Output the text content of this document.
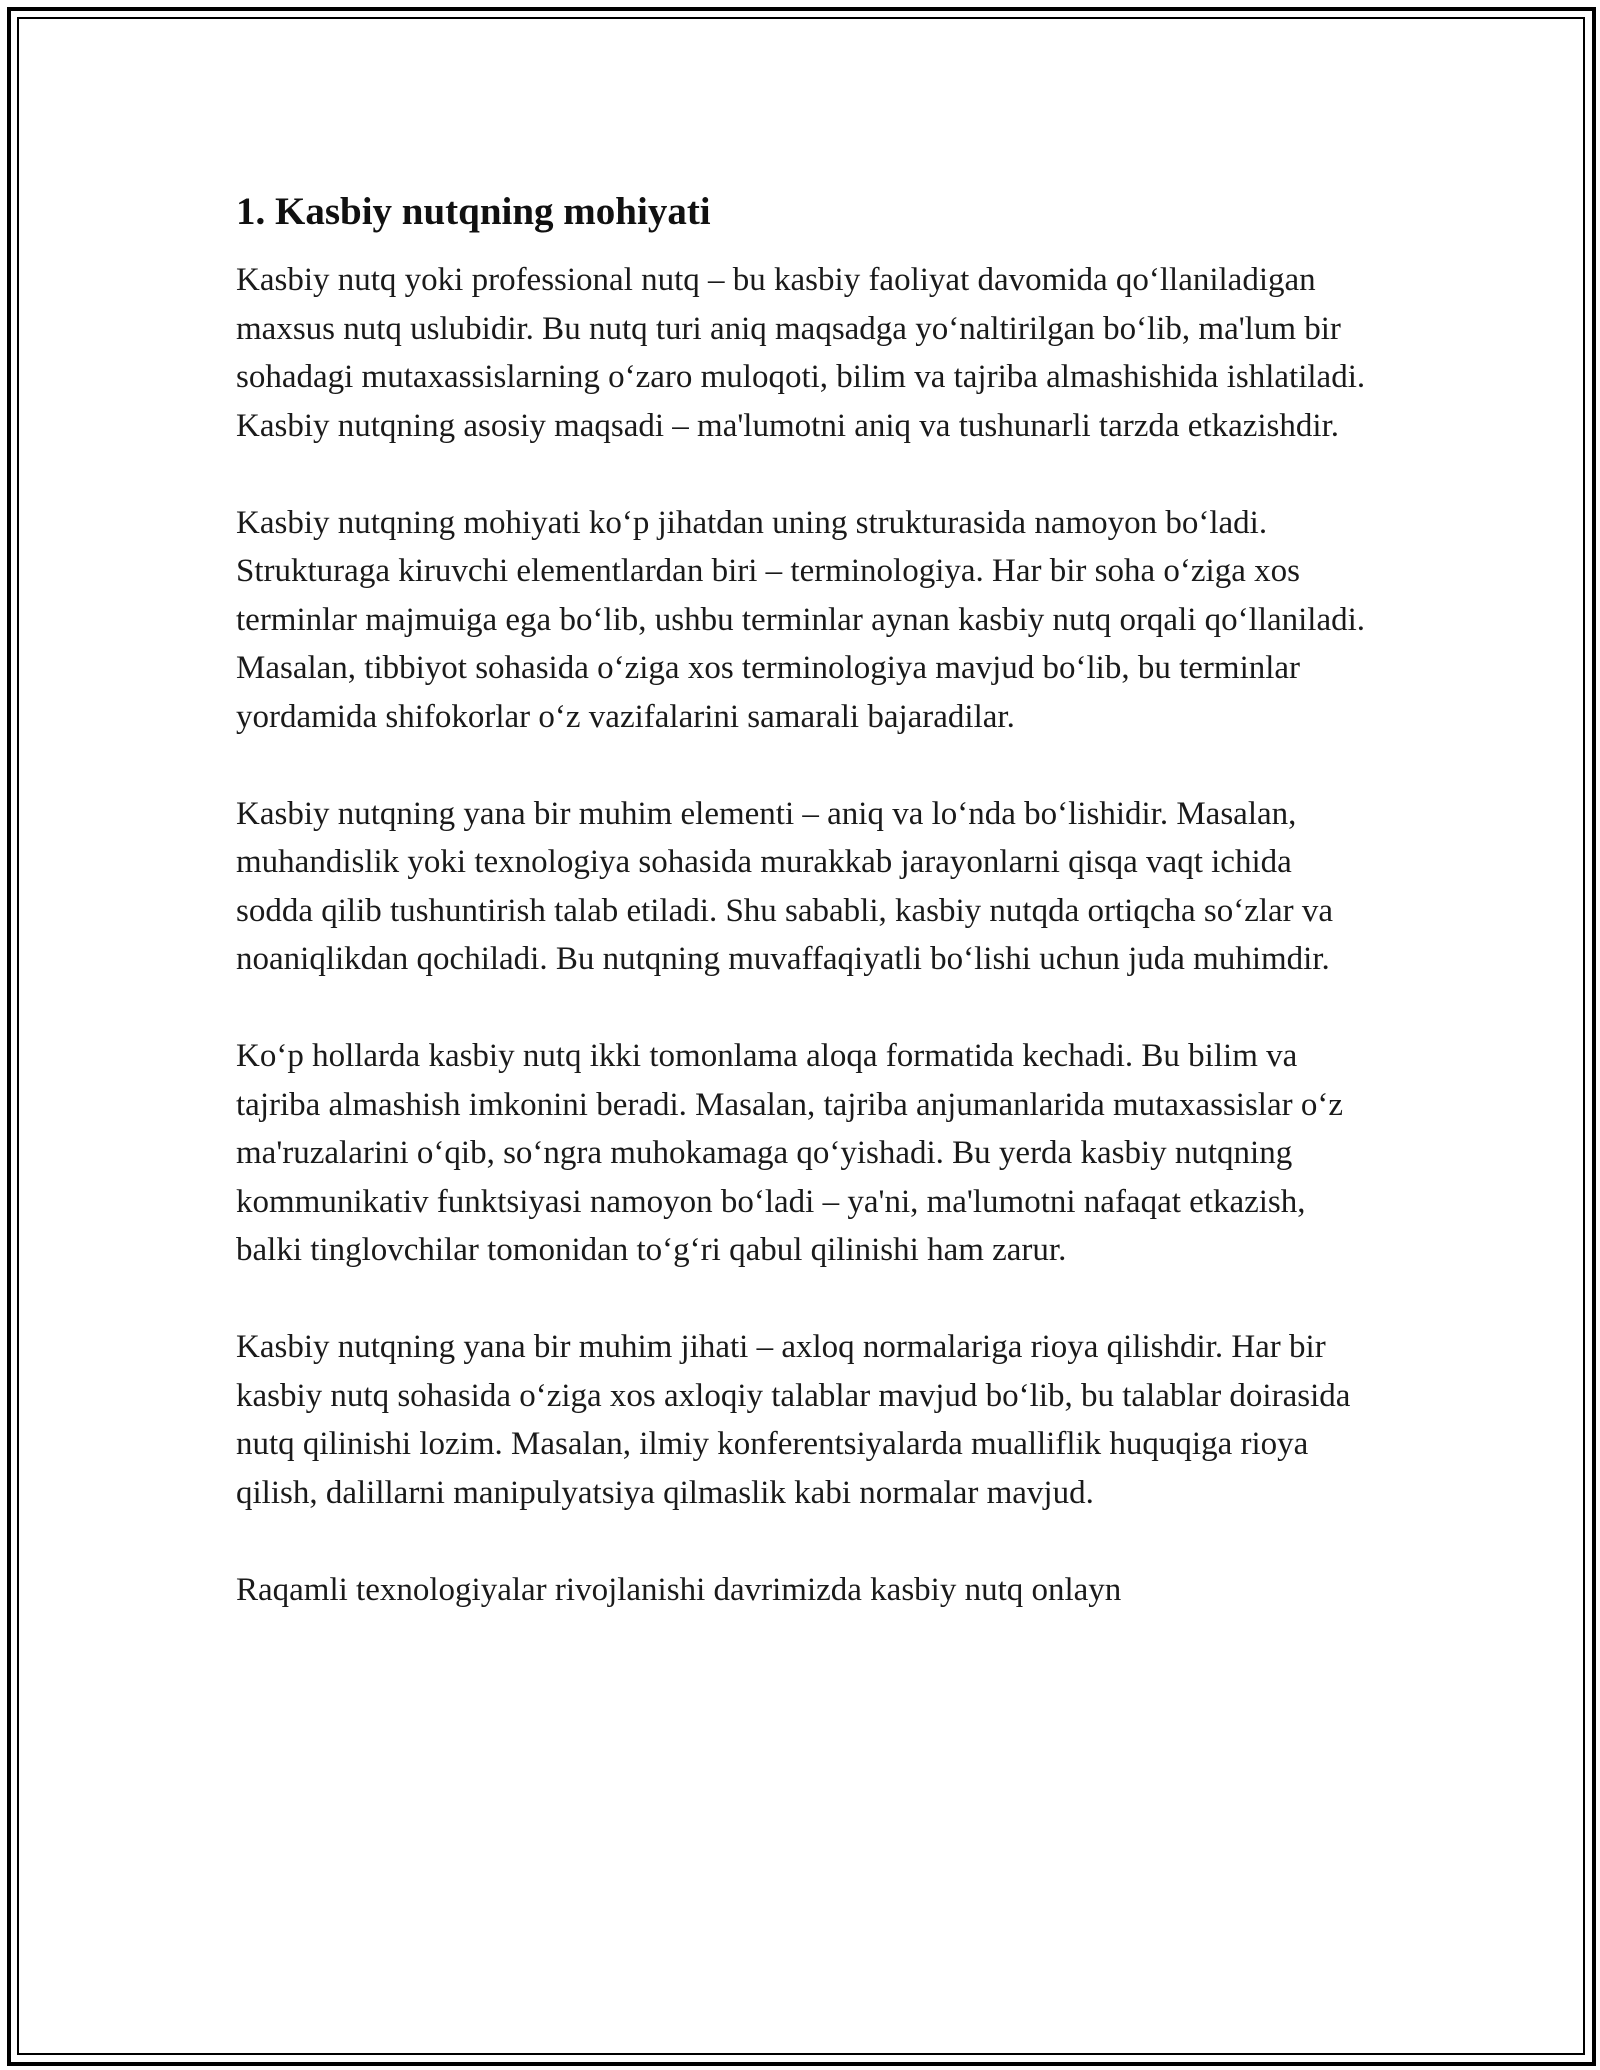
1. Kasbiy nutqning mohiyati

Kasbiy nutq yoki professional nutq – bu kasbiy faoliyat davomida qo‘llaniladigan maxsus nutq uslubidir. Bu nutq turi aniq maqsadga yo‘naltirilgan bo‘lib, ma'lum bir sohadagi mutaxassislarning o‘zaro muloqoti, bilim va tajriba almashishida ishlatiladi. Kasbiy nutqning asosiy maqsadi – ma'lumotni aniq va tushunarli tarzda etkazishdir.

Kasbiy nutqning mohiyati ko‘p jihatdan uning strukturasida namoyon bo‘ladi. Strukturaga kiruvchi elementlardan biri – terminologiya. Har bir soha o‘ziga xos terminlar majmuiga ega bo‘lib, ushbu terminlar aynan kasbiy nutq orqali qo‘llaniladi. Masalan, tibbiyot sohasida o‘ziga xos terminologiya mavjud bo‘lib, bu terminlar yordamida shifokorlar o‘z vazifalarini samarali bajaradilar.

Kasbiy nutqning yana bir muhim elementi – aniq va lo‘nda bo‘lishidir. Masalan, muhandislik yoki texnologiya sohasida murakkab jarayonlarni qisqa vaqt ichida sodda qilib tushuntirish talab etiladi. Shu sababli, kasbiy nutqda ortiqcha so‘zlar va noaniqlikdan qochiladi. Bu nutqning muvaffaqiyatli bo‘lishi uchun juda muhimdir.

Ko‘p hollarda kasbiy nutq ikki tomonlama aloqa formatida kechadi. Bu bilim va tajriba almashish imkonini beradi. Masalan, tajriba anjumanlarida mutaxassislar o‘z ma'ruzalarini o‘qib, so‘ngra muhokamaga qo‘yishadi. Bu yerda kasbiy nutqning kommunikativ funktsiyasi namoyon bo‘ladi – ya'ni, ma'lumotni nafaqat etkazish, balki tinglovchilar tomonidan to‘g‘ri qabul qilinishi ham zarur.

Kasbiy nutqning yana bir muhim jihati – axloq normalariga rioya qilishdir. Har bir kasbiy nutq sohasida o‘ziga xos axloqiy talablar mavjud bo‘lib, bu talablar doirasida nutq qilinishi lozim. Masalan, ilmiy konferentsiyalarda mualliflik huquqiga rioya qilish, dalillarni manipulyatsiya qilmaslik kabi normalar mavjud.

Raqamli texnologiyalar rivojlanishi davrimizda kasbiy nutq onlayn
